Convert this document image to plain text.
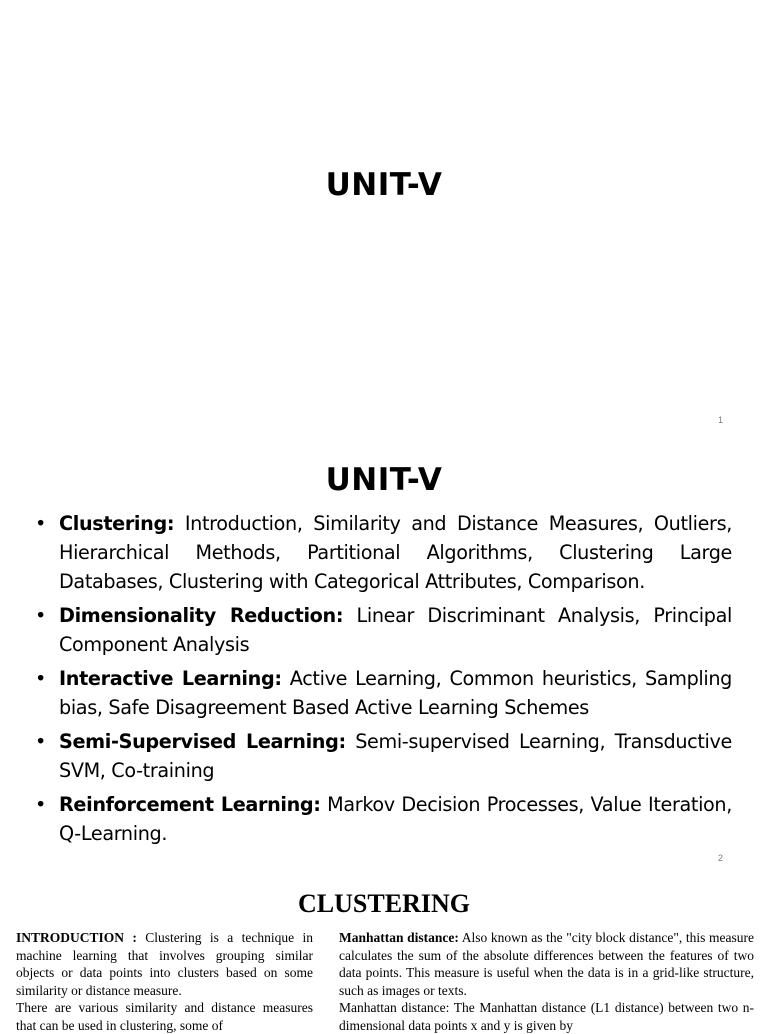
UNIT-V
1
UNIT-V
• Clustering: Introduction, Similarity and Distance Measures, Outliers, Hierarchical Methods, Partitional Algorithms, Clustering Large Databases, Clustering with Categorical Attributes, Comparison.
• Dimensionality Reduction: Linear Discriminant Analysis, Principal Component Analysis
• Interactive Learning: Active Learning, Common heuristics, Sampling bias, Safe Disagreement Based Active Learning Schemes
• Semi-Supervised Learning: Semi-supervised Learning, Transductive SVM, Co-training
• Reinforcement Learning: Markov Decision Processes, Value Iteration, Q-Learning.
2
CLUSTERING

INTRODUCTION : Clustering is a technique in machine learning that involves grouping similar objects or data points into clusters based on some similarity or distance measure.

There are various similarity and distance measures that can be used in clustering, some of

Manhattan distance: Also known as the "city block distance", this measure calculates the sum of the absolute differences between the features of two data points. This measure is useful when the data is in a grid-like structure, such as images or texts.

Manhattan distance: The Manhattan distance (L1 distance) between two n-dimensional data points x and y is given by
